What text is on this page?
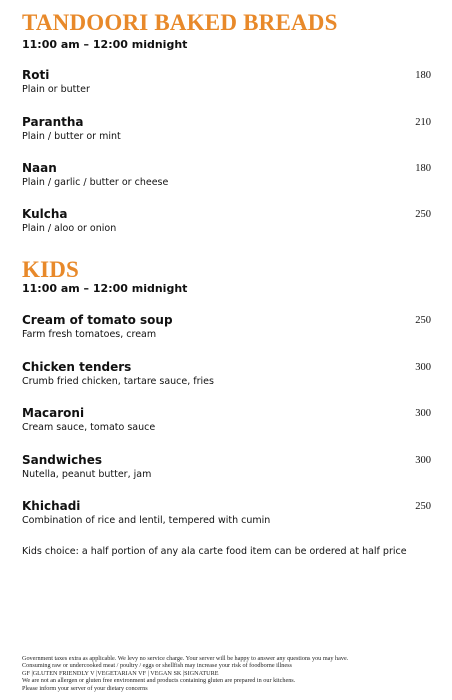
TANDOORI BAKED BREADS
11:00 am – 12:00 midnight
Roti
Plain or butter
180
Parantha
Plain / butter or mint
210
Naan
Plain / garlic / butter or cheese
180
Kulcha
Plain / aloo or onion
250
KIDS
11:00 am – 12:00 midnight
Cream of tomato soup
Farm fresh tomatoes, cream
250
Chicken tenders
Crumb fried chicken, tartare sauce, fries
300
Macaroni
Cream sauce, tomato sauce
300
Sandwiches
Nutella, peanut butter, jam
300
Khichadi
Combination of rice and lentil, tempered with cumin
250
Kids choice: a half portion of any ala carte food item can be ordered at half price
Government taxes extra as applicable. We levy no service charge. Your server will be happy to answer any questions you may have.
Consuming raw or undercooked meat / poultry / eggs or shellfish may increase your risk of foodborne illness
GF |GLUTEN FRIENDLY V |VEGETARIAN VF | VEGAN SK |SIGNATURE
We are not an allergen or gluten free environment and products containing gluten are prepared in our kitchens.
Please inform your server of your dietary concerns
